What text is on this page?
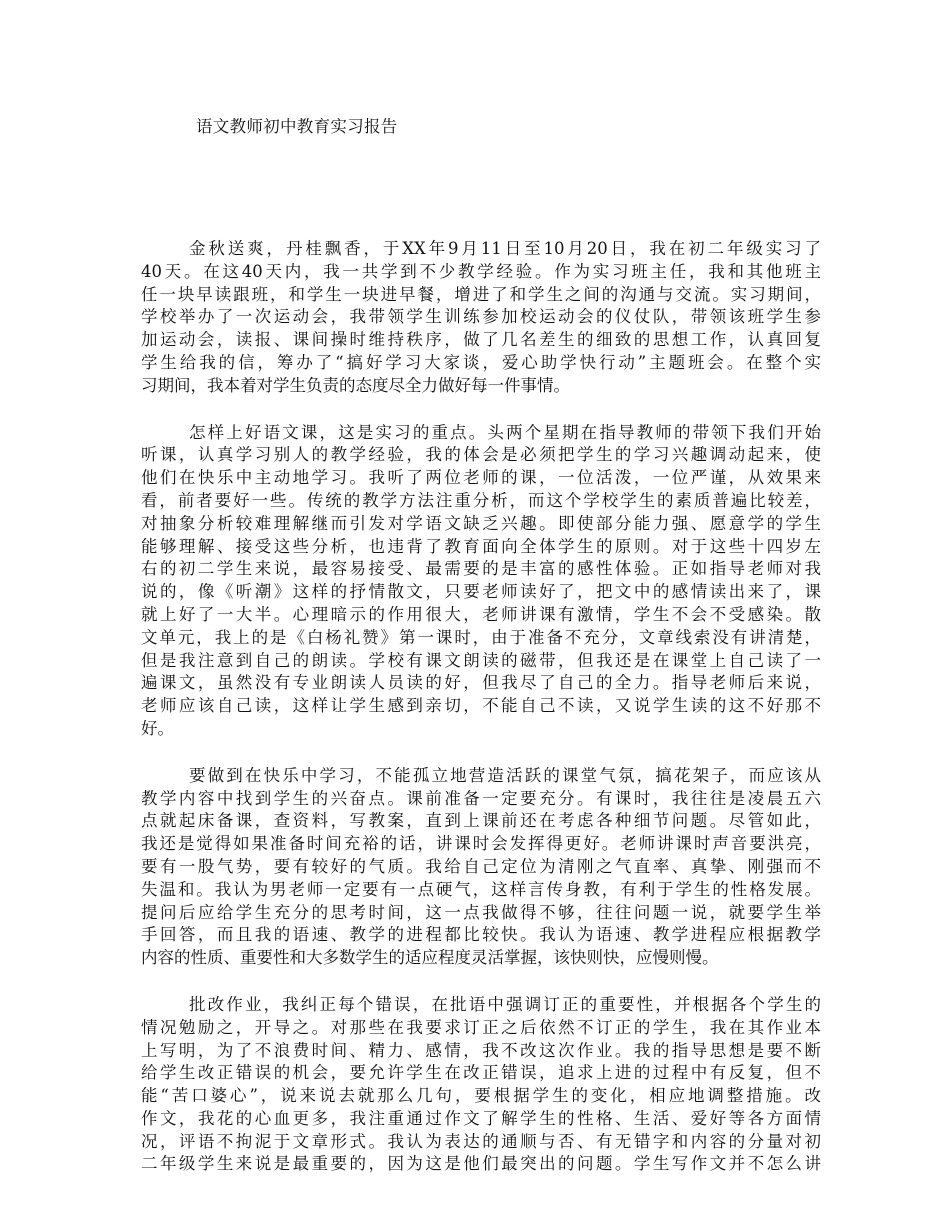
语文教师初中教育实习报告
金秋送爽，丹桂飘香，于XX年9月11日至10月20日，我在初二年级实习了
40天。在这40天内，我一共学到不少教学经验。作为实习班主任，我和其他班主
任一块早读跟班，和学生一块进早餐，增进了和学生之间的沟通与交流。实习期间，
学校举办了一次运动会，我带领学生训练参加校运动会的仪仗队，带领该班学生参
加运动会，读报、课间操时维持秩序，做了几名差生的细致的思想工作，认真回复
学生给我的信，筹办了“搞好学习大家谈，爱心助学快行动”主题班会。在整个实
习期间，我本着对学生负责的态度尽全力做好每一件事情。
怎样上好语文课，这是实习的重点。头两个星期在指导教师的带领下我们开始
听课，认真学习别人的教学经验，我的体会是必须把学生的学习兴趣调动起来，使
他们在快乐中主动地学习。我听了两位老师的课，一位活泼，一位严谨，从效果来
看，前者要好一些。传统的教学方法注重分析，而这个学校学生的素质普遍比较差，
对抽象分析较难理解继而引发对学语文缺乏兴趣。即使部分能力强、愿意学的学生
能够理解、接受这些分析，也违背了教育面向全体学生的原则。对于这些十四岁左
右的初二学生来说，最容易接受、最需要的是丰富的感性体验。正如指导老师对我
说的，像《听潮》这样的抒情散文，只要老师读好了，把文中的感情读出来了，课
就上好了一大半。心理暗示的作用很大，老师讲课有激情，学生不会不受感染。散
文单元，我上的是《白杨礼赞》第一课时，由于准备不充分，文章线索没有讲清楚，
但是我注意到自己的朗读。学校有课文朗读的磁带，但我还是在课堂上自己读了一
遍课文，虽然没有专业朗读人员读的好，但我尽了自己的全力。指导老师后来说，
老师应该自己读，这样让学生感到亲切，不能自己不读，又说学生读的这不好那不
好。
要做到在快乐中学习，不能孤立地营造活跃的课堂气氛，搞花架子，而应该从
教学内容中找到学生的兴奋点。课前准备一定要充分。有课时，我往往是凌晨五六
点就起床备课，查资料，写教案，直到上课前还在考虑各种细节问题。尽管如此，
我还是觉得如果准备时间充裕的话，讲课时会发挥得更好。老师讲课时声音要洪亮，
要有一股气势，要有较好的气质。我给自己定位为清刚之气直率、真挚、刚强而不
失温和。我认为男老师一定要有一点硬气，这样言传身教，有利于学生的性格发展。
提问后应给学生充分的思考时间，这一点我做得不够，往往问题一说，就要学生举
手回答，而且我的语速、教学的进程都比较快。我认为语速、教学进程应根据教学
内容的性质、重要性和大多数学生的适应程度灵活掌握，该快则快，应慢则慢。
批改作业，我纠正每个错误，在批语中强调订正的重要性，并根据各个学生的
情况勉励之，开导之。对那些在我要求订正之后依然不订正的学生，我在其作业本
上写明，为了不浪费时间、精力、感情，我不改这次作业。我的指导思想是要不断
给学生改正错误的机会，要允许学生在改正错误，追求上进的过程中有反复，但不
能“苦口婆心”，说来说去就那么几句，要根据学生的变化，相应地调整措施。改
作文，我花的心血更多，我注重通过作文了解学生的性格、生活、爱好等各方面情
况，评语不拘泥于文章形式。我认为表达的通顺与否、有无错字和内容的分量对初
二年级学生来说是最重要的，因为这是他们最突出的问题。学生写作文并不怎么讲
